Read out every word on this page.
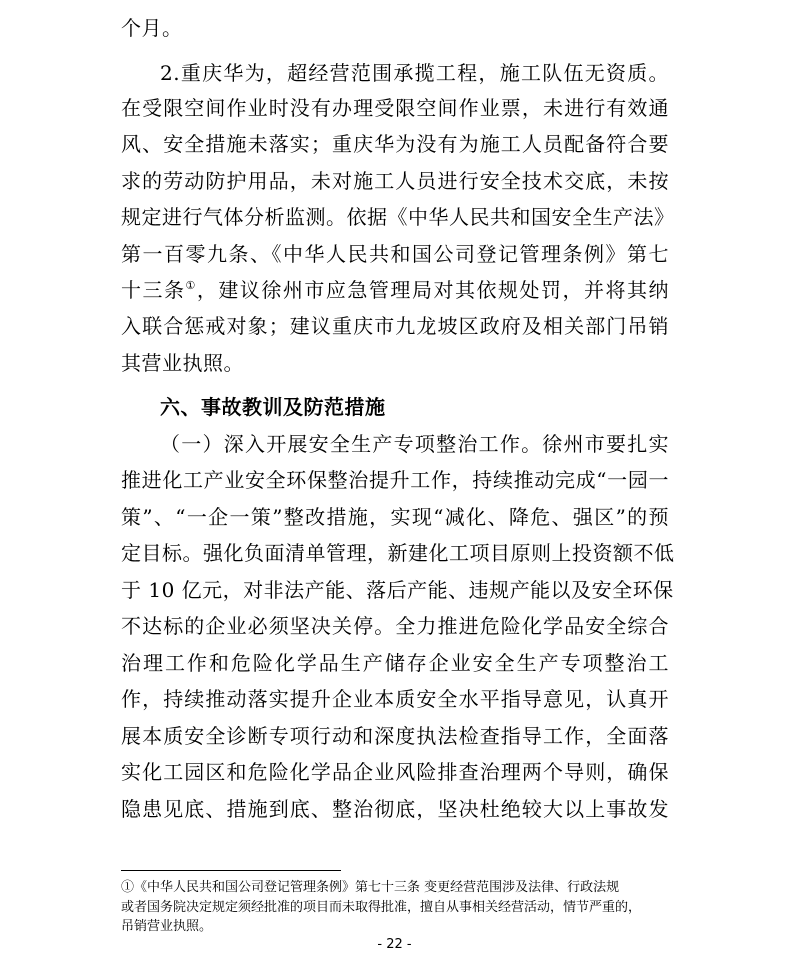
个月。
2.重庆华为，超经营范围承揽工程，施工队伍无资质。
在受限空间作业时没有办理受限空间作业票，未进行有效通
风、安全措施未落实；重庆华为没有为施工人员配备符合要
求的劳动防护用品，未对施工人员进行安全技术交底，未按
规定进行气体分析监测。依据《中华人民共和国安全生产法》
第一百零九条、《中华人民共和国公司登记管理条例》第七
十三条①，建议徐州市应急管理局对其依规处罚，并将其纳
入联合惩戒对象；建议重庆市九龙坡区政府及相关部门吊销
其营业执照。
六、事故教训及防范措施
（一）深入开展安全生产专项整治工作。徐州市要扎实
推进化工产业安全环保整治提升工作，持续推动完成“一园一
策”、“一企一策”整改措施，实现“减化、降危、强区”的预
定目标。强化负面清单管理，新建化工项目原则上投资额不低
于 10 亿元，对非法产能、落后产能、违规产能以及安全环保
不达标的企业必须坚决关停。全力推进危险化学品安全综合
治理工作和危险化学品生产储存企业安全生产专项整治工
作，持续推动落实提升企业本质安全水平指导意见，认真开
展本质安全诊断专项行动和深度执法检查指导工作，全面落
实化工园区和危险化学品企业风险排查治理两个导则，确保
隐患见底、措施到底、整治彻底，坚决杜绝较大以上事故发
①《中华人民共和国公司登记管理条例》第七十三条 变更经营范围涉及法律、行政法规
或者国务院决定规定须经批准的项目而未取得批准，擅自从事相关经营活动，情节严重的，
吊销营业执照。
- 22 -
